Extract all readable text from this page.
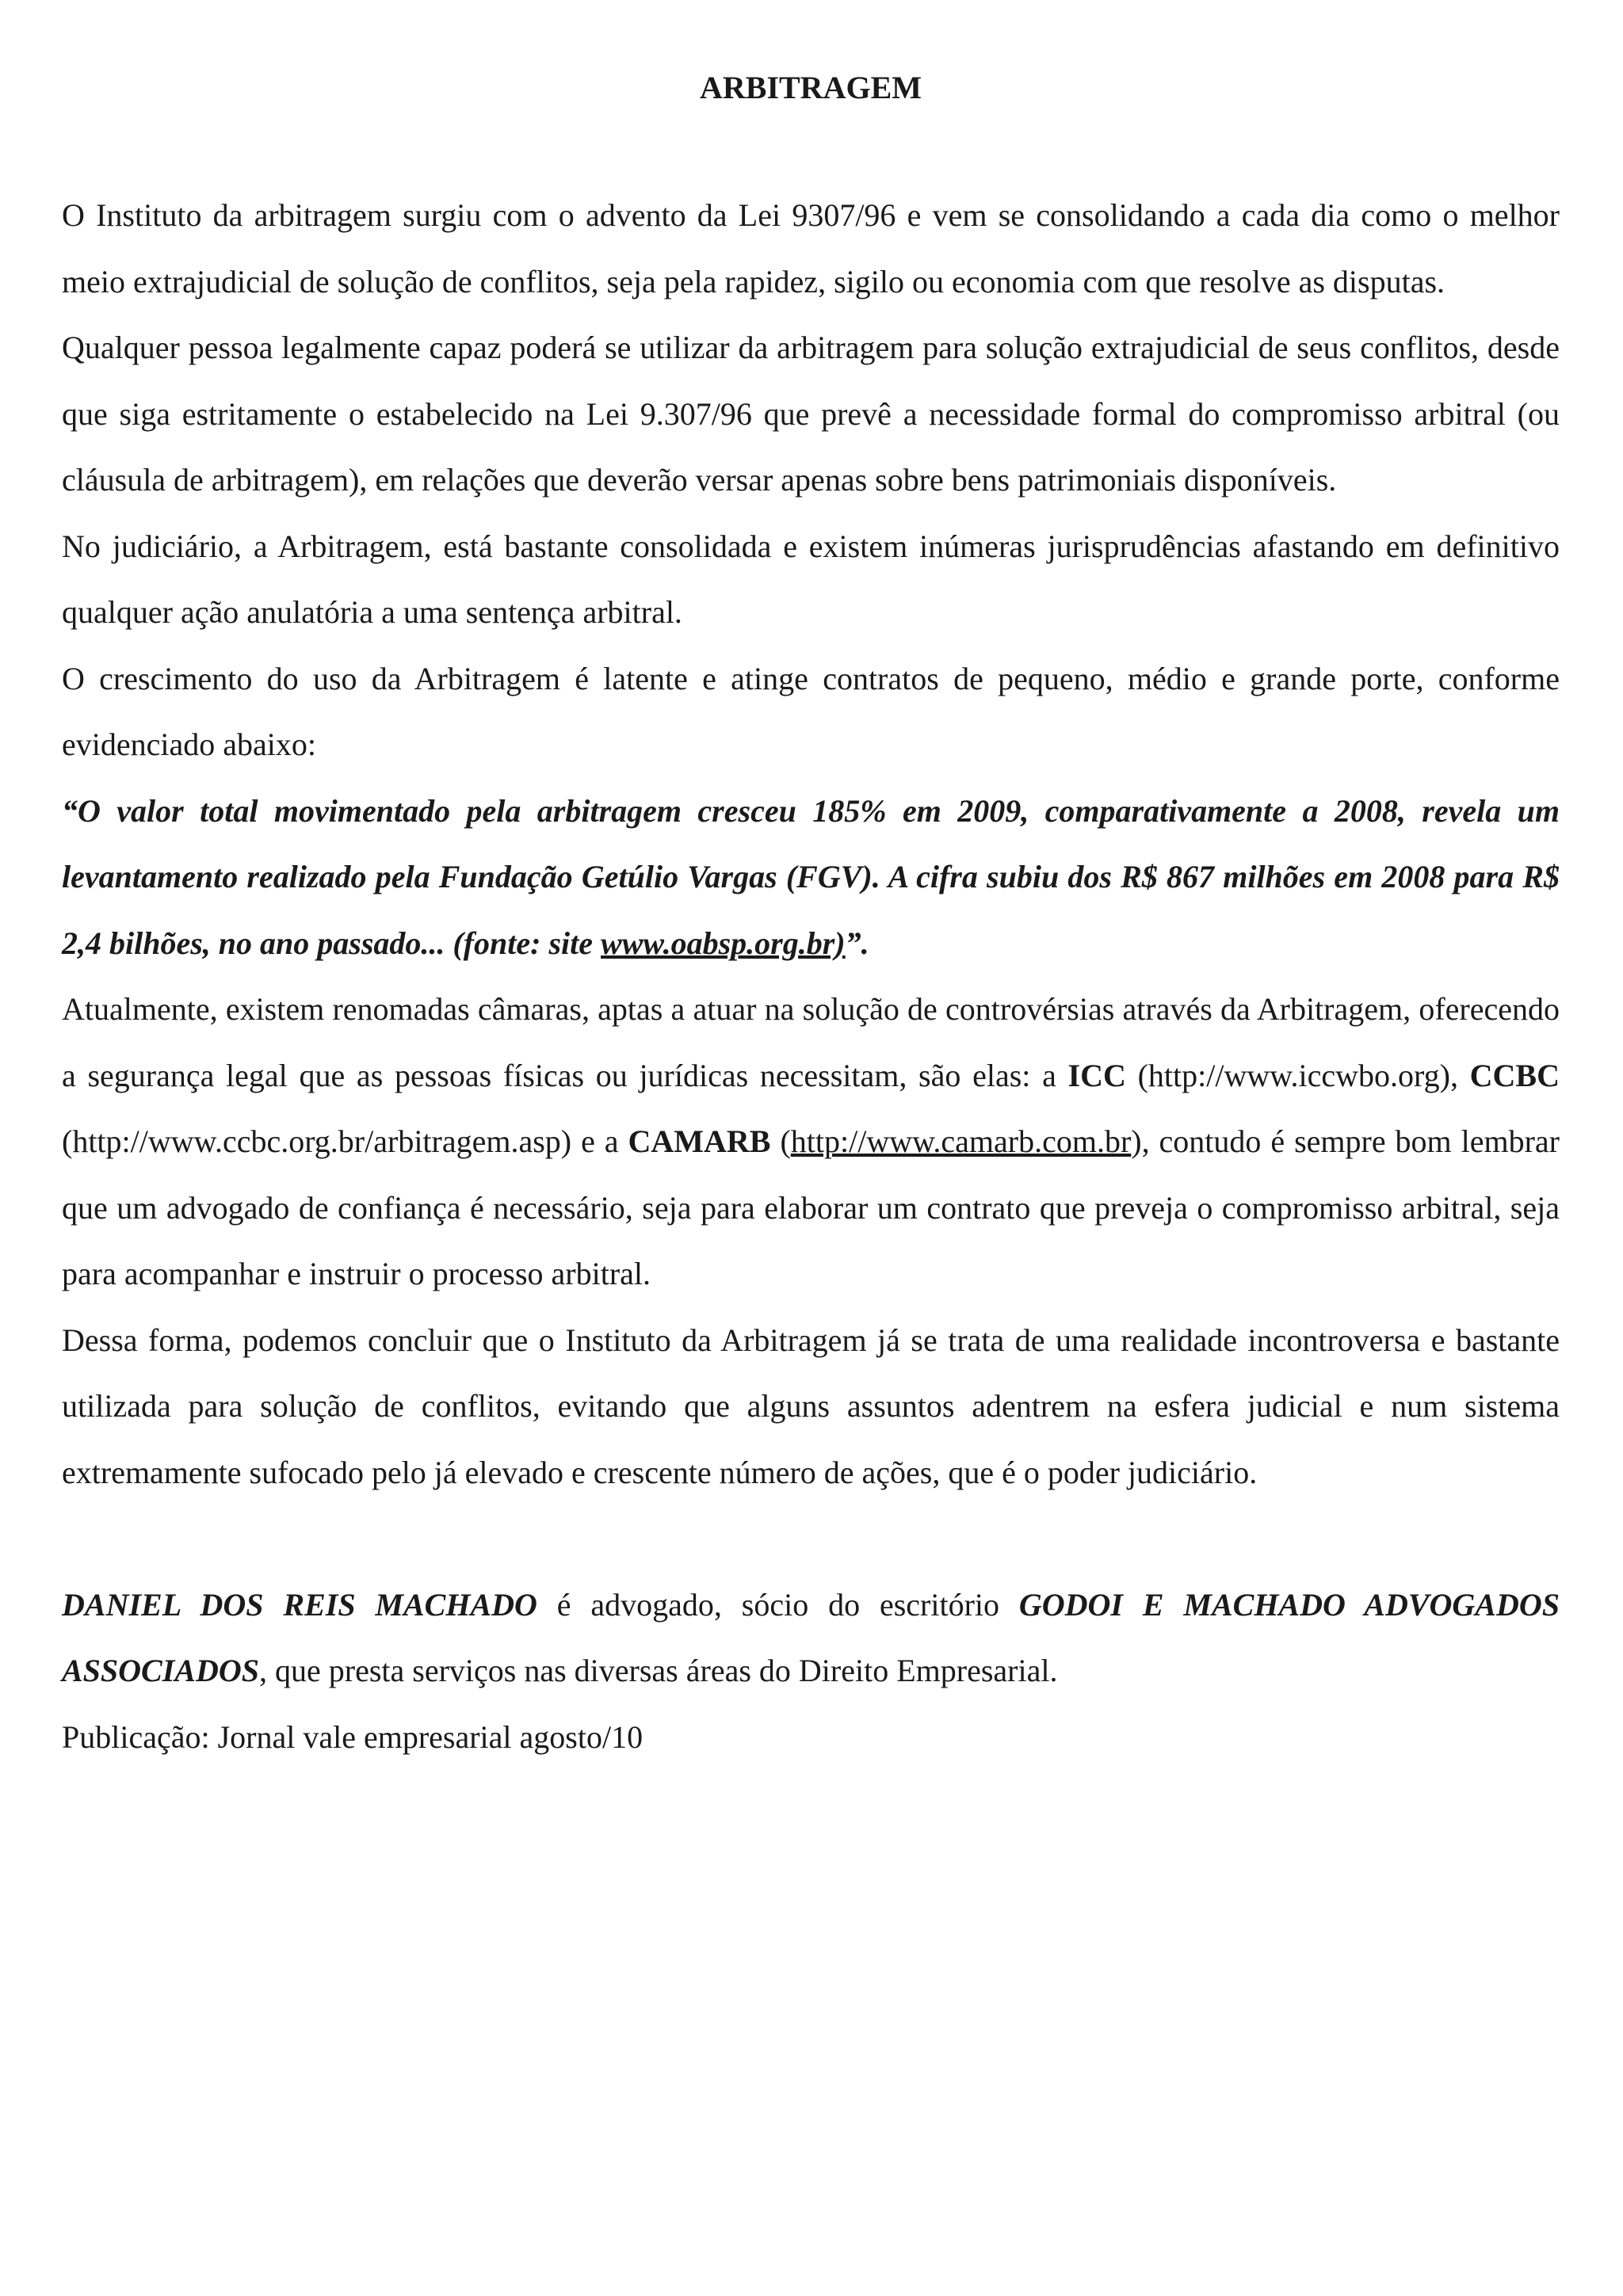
ARBITRAGEM

O Instituto da arbitragem surgiu com o advento da Lei 9307/96 e vem se consolidando a cada dia como o melhor meio extrajudicial de solução de conflitos, seja pela rapidez, sigilo ou economia com que resolve as disputas.

Qualquer pessoa legalmente capaz poderá se utilizar da arbitragem para solução extrajudicial de seus conflitos, desde que siga estritamente o estabelecido na Lei 9.307/96 que prevê a necessidade formal do compromisso arbitral (ou cláusula de arbitragem), em relações que deverão versar apenas sobre bens patrimoniais disponíveis.

No judiciário, a Arbitragem, está bastante consolidada e existem inúmeras jurisprudências afastando em definitivo qualquer ação anulatória a uma sentença arbitral.

O crescimento do uso da Arbitragem é latente e atinge contratos de pequeno, médio e grande porte, conforme evidenciado abaixo:

“O valor total movimentado pela arbitragem cresceu 185% em 2009, comparativamente a 2008, revela um levantamento realizado pela Fundação Getúlio Vargas (FGV). A cifra subiu dos R$ 867 milhões em 2008 para R$ 2,4 bilhões, no ano passado... (fonte: site www.oabsp.org.br)”.

Atualmente, existem renomadas câmaras, aptas a atuar na solução de controvérsias através da Arbitragem, oferecendo a segurança legal que as pessoas físicas ou jurídicas necessitam, são elas: a ICC (http://www.iccwbo.org), CCBC (http://www.ccbc.org.br/arbitragem.asp) e a CAMARB (http://www.camarb.com.br), contudo é sempre bom lembrar que um advogado de confiança é necessário, seja para elaborar um contrato que preveja o compromisso arbitral, seja para acompanhar e instruir o processo arbitral.

Dessa forma, podemos concluir que o Instituto da Arbitragem já se trata de uma realidade incontroversa e bastante utilizada para solução de conflitos, evitando que alguns assuntos adentrem na esfera judicial e num sistema extremamente sufocado pelo já elevado e crescente número de ações, que é o poder judiciário.

DANIEL DOS REIS MACHADO é advogado, sócio do escritório GODOI E MACHADO ADVOGADOS ASSOCIADOS, que presta serviços nas diversas áreas do Direito Empresarial.

Publicação: Jornal vale empresarial agosto/10
